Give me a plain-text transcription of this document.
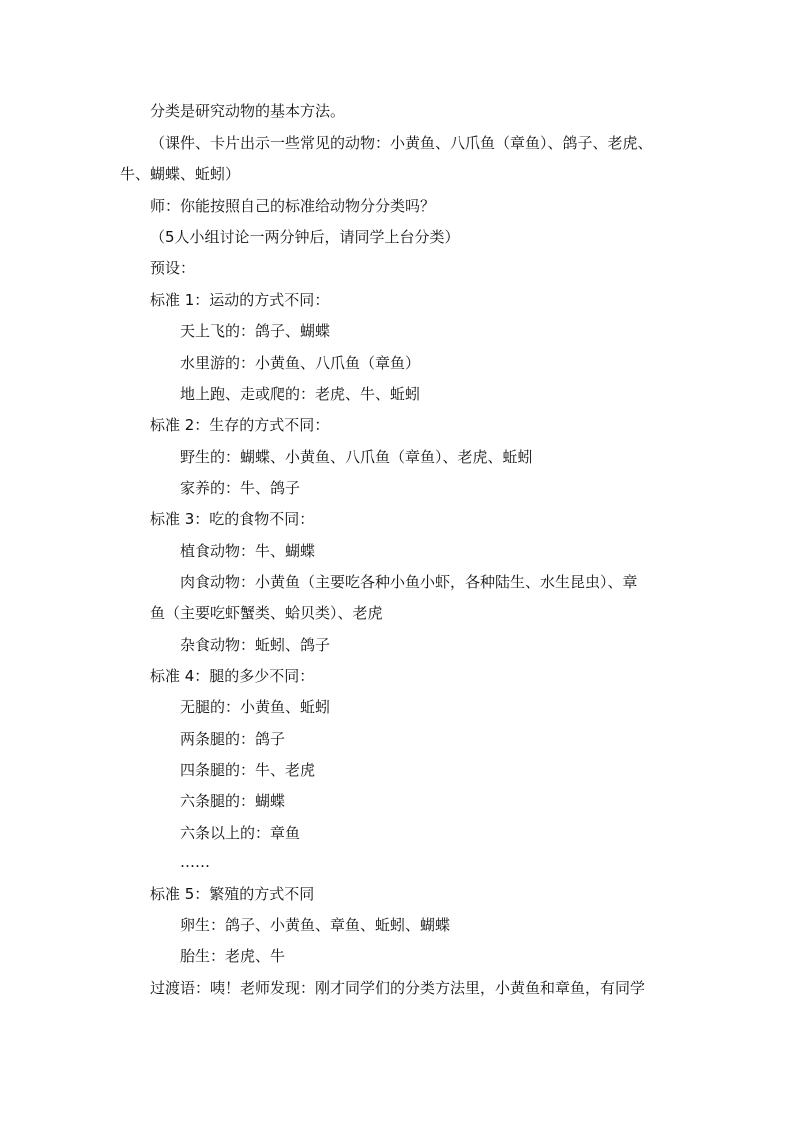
分类是研究动物的基本方法。
（课件、卡片出示一些常见的动物：小黄鱼、八爪鱼（章鱼）、鸽子、老虎、
牛、蝴蝶、蚯蚓）
师：你能按照自己的标准给动物分分类吗？
（5人小组讨论一两分钟后，请同学上台分类）
预设：
标准 1：运动的方式不同：
天上飞的：鸽子、蝴蝶
水里游的：小黄鱼、八爪鱼（章鱼）
地上跑、走或爬的：老虎、牛、蚯蚓
标准 2：生存的方式不同：
野生的：蝴蝶、小黄鱼、八爪鱼（章鱼）、老虎、蚯蚓
家养的：牛、鸽子
标准 3：吃的食物不同：
植食动物：牛、蝴蝶
肉食动物：小黄鱼（主要吃各种小鱼小虾，各种陆生、水生昆虫）、章
鱼（主要吃虾蟹类、蛤贝类）、老虎
杂食动物：蚯蚓、鸽子
标准 4：腿的多少不同：
无腿的：小黄鱼、蚯蚓
两条腿的：鸽子
四条腿的：牛、老虎
六条腿的：蝴蝶
六条以上的：章鱼
……
标准 5：繁殖的方式不同
卵生：鸽子、小黄鱼、章鱼、蚯蚓、蝴蝶
胎生：老虎、牛
过渡语：咦！老师发现：刚才同学们的分类方法里，小黄鱼和章鱼，有同学
